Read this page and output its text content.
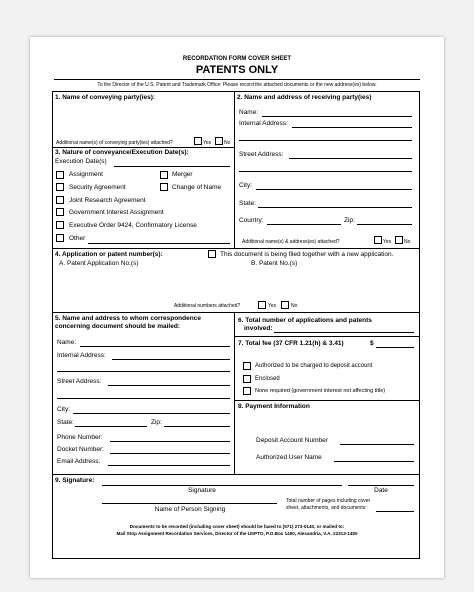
RECORDATION FORM COVER SHEET
PATENTS ONLY
To the Director of the U.S. Patent and Trademark Office: Please record the attached documents or the new address(es) below.
1. Name of conveying party(ies):
Additional name(s) of conveying party(ies) attached?	Yes	No
3. Nature of conveyance/Execution Date(s):
Execution Date(s)
Assignment	Merger
Security Agreement	Change of Name
Joint Research Agreement
Government Interest Assignment
Executive Order 9424, Confirmatory License
Other
2. Name and address of receiving party(ies)
Name:
Internal Address:
Street Address:
City:
State:
Country:	Zip:
Additional name(s) & address(es) attached?	Yes	No
4. Application or patent number(s):	This document is being filed together with a new application.
A. Patent Application No.(s)	B. Patent No.(s)
Additional numbers attached?	Yes	No
5. Name and address to whom correspondence
concerning document should be mailed:
Name:
Internal Address:
Street Address:
City:
State:	Zip:
Phone Number:
Docket Number:
Email Address:
6. Total number of applications and patents
involved:
7. Total fee (37 CFR 1.21(h) & 3.41)	$
Authorized to be charged to deposit account
Enclosed
None required (government interest not affecting title)
8. Payment Information
Deposit Account Number
Authorized User Name
9. Signature:
Signature	Date
Name of Person Signing
Total number of pages including cover
sheet, attachments, and documents:
Documents to be recorded (including cover sheet) should be faxed to (571) 273-0140, or mailed to:
Mail Stop Assignment Recordation Services, Director of the USPTO, P.O.Box 1450, Alexandria, V.A. 22313-1450
